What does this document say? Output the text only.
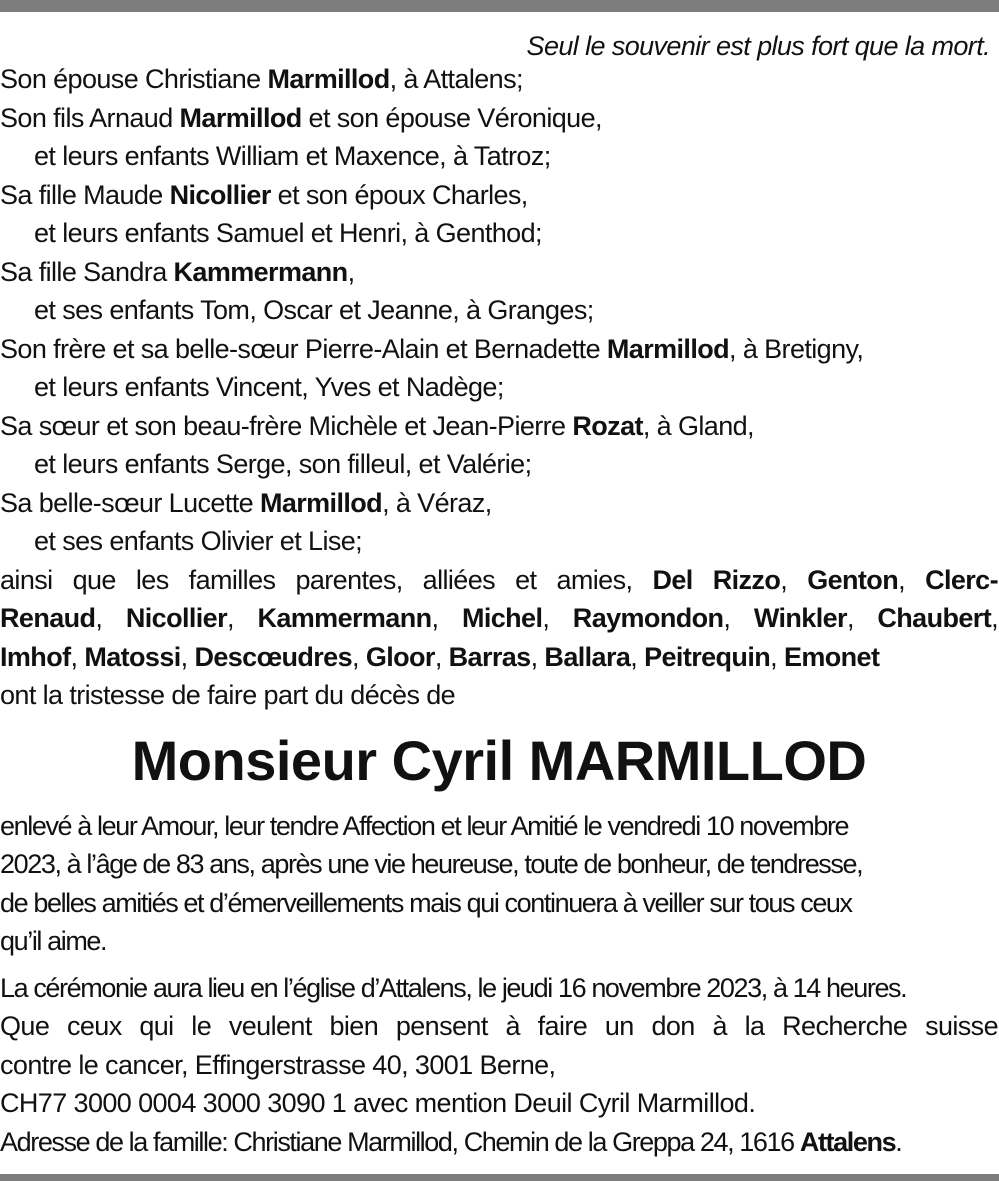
Seul le souvenir est plus fort que la mort.
Son épouse Christiane Marmillod, à Attalens;
Son fils Arnaud Marmillod et son épouse Véronique,
et leurs enfants William et Maxence, à Tatroz;
Sa fille Maude Nicollier et son époux Charles,
et leurs enfants Samuel et Henri, à Genthod;
Sa fille Sandra Kammermann,
et ses enfants Tom, Oscar et Jeanne, à Granges;
Son frère et sa belle-sœur Pierre-Alain et Bernadette Marmillod, à Bretigny,
et leurs enfants Vincent, Yves et Nadège;
Sa sœur et son beau-frère Michèle et Jean-Pierre Rozat, à Gland,
et leurs enfants Serge, son filleul, et Valérie;
Sa belle-sœur Lucette Marmillod, à Véraz,
et ses enfants Olivier et Lise;
ainsi que les familles parentes, alliées et amies, Del Rizzo, Genton, Clerc-
Renaud, Nicollier, Kammermann, Michel, Raymondon, Winkler, Chaubert,
Imhof, Matossi, Descœudres, Gloor, Barras, Ballara, Peitrequin, Emonet
ont la tristesse de faire part du décès de
Monsieur Cyril MARMILLOD
enlevé à leur Amour, leur tendre Affection et leur Amitié le vendredi 10 novembre
2023, à l’âge de 83 ans, après une vie heureuse, toute de bonheur, de tendresse,
de belles amitiés et d’émerveillements mais qui continuera à veiller sur tous ceux
qu’il aime.
La cérémonie aura lieu en l’église d’Attalens, le jeudi 16 novembre 2023, à 14 heures.
Que ceux qui le veulent bien pensent à faire un don à la Recherche suisse
contre le cancer, Effingerstrasse 40, 3001 Berne,
CH77 3000 0004 3000 3090 1 avec mention Deuil Cyril Marmillod.
Adresse de la famille: Christiane Marmillod, Chemin de la Greppa 24, 1616 Attalens.
